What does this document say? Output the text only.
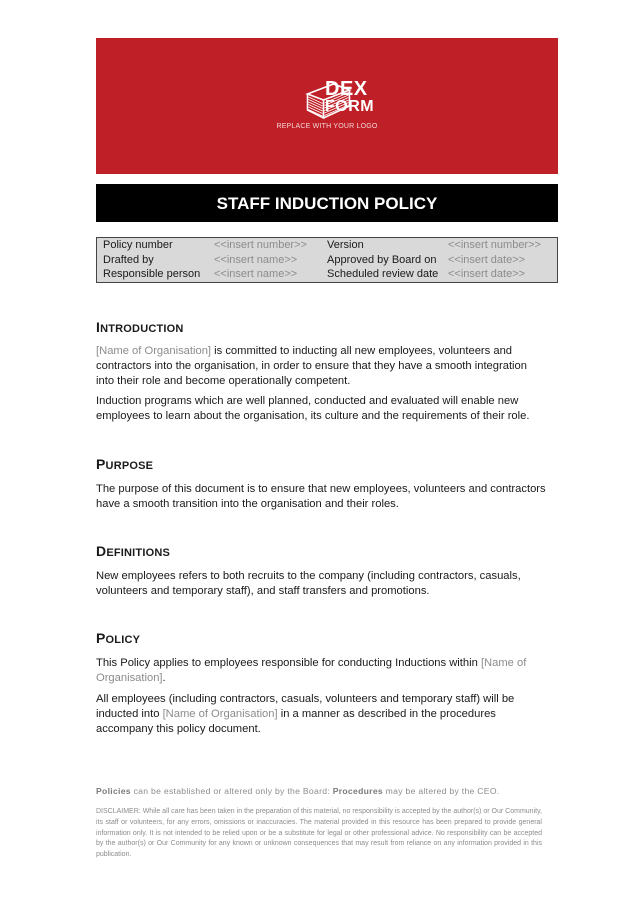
DEX
FORM
REPLACE WITH YOUR LOGO
STAFF INDUCTION POLICY
Policy number	<<insert number>>	Version	<<insert number>>
Drafted by	<<insert name>>	Approved by Board on	<<insert date>>
Responsible person	<<insert name>>	Scheduled review date <<insert date>>
INTRODUCTION
[Name of Organisation] is committed to inducting all new employees, volunteers and contractors into the organisation, in order to ensure that they have a smooth integration into their role and become operationally competent.
Induction programs which are well planned, conducted and evaluated will enable new employees to learn about the organisation, its culture and the requirements of their role.
PURPOSE
The purpose of this document is to ensure that new employees, volunteers and contractors have a smooth transition into the organisation and their roles.
DEFINITIONS
New employees refers to both recruits to the company (including contractors, casuals, volunteers and temporary staff), and staff transfers and promotions.
POLICY
This Policy applies to employees responsible for conducting Inductions within [Name of Organisation].
All employees (including contractors, casuals, volunteers and temporary staff) will be inducted into [Name of Organisation] in a manner as described in the procedures accompany this policy document.
Policies can be established or altered only by the Board: Procedures may be altered by the CEO.
DISCLAIMER: While all care has been taken in the preparation of this material, no responsibility is accepted by the author(s) or Our Community, its staff or volunteers, for any errors, omissions or inaccuracies. The material provided in this resource has been prepared to provide general information only. It is not intended to be relied upon or be a substitute for legal or other professional advice. No responsibility can be accepted by the author(s) or Our Community for any known or unknown consequences that may result from reliance on any information provided in this publication.
